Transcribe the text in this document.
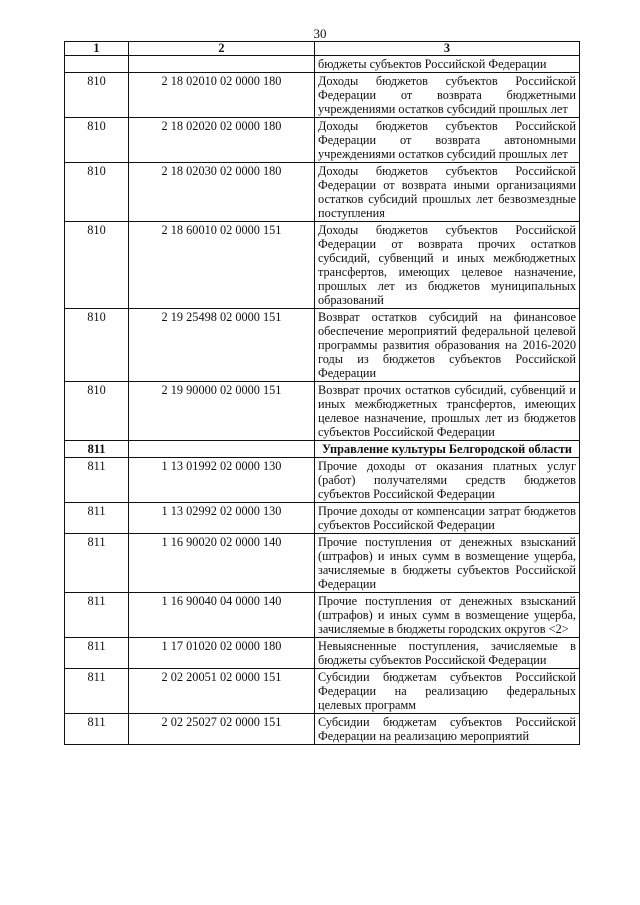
30
1	2	3
		бюджеты субъектов Российской Федерации
810	2 18 02010 02 0000 180	Доходы бюджетов субъектов Российской Федерации от возврата бюджетными учреждениями остатков субсидий прошлых лет
810	2 18 02020 02 0000 180	Доходы бюджетов субъектов Российской Федерации от возврата автономными учреждениями остатков субсидий прошлых лет
810	2 18 02030 02 0000 180	Доходы бюджетов субъектов Российской Федерации от возврата иными организациями остатков субсидий прошлых лет безвозмездные поступления
810	2 18 60010 02 0000 151	Доходы бюджетов субъектов Российской Федерации от возврата прочих остатков субсидий, субвенций и иных межбюджетных трансфертов, имеющих целевое назначение, прошлых лет из бюджетов муниципальных образований
810	2 19 25498 02 0000 151	Возврат остатков субсидий на финансовое обеспечение мероприятий федеральной целевой программы развития образования на 2016-2020 годы из бюджетов субъектов Российской Федерации
810	2 19 90000 02 0000 151	Возврат прочих остатков субсидий, субвенций и иных межбюджетных трансфертов, имеющих целевое назначение, прошлых лет из бюджетов субъектов Российской Федерации
811		Управление культуры Белгородской области
811	1 13 01992 02 0000 130	Прочие доходы от оказания платных услуг (работ) получателями средств бюджетов субъектов Российской Федерации
811	1 13 02992 02 0000 130	Прочие доходы от компенсации затрат бюджетов субъектов Российской Федерации
811	1 16 90020 02 0000 140	Прочие поступления от денежных взысканий (штрафов) и иных сумм в возмещение ущерба, зачисляемые в бюджеты субъектов Российской Федерации
811	1 16 90040 04 0000 140	Прочие поступления от денежных взысканий (штрафов) и иных сумм в возмещение ущерба, зачисляемые в бюджеты городских округов <2>
811	1 17 01020 02 0000 180	Невыясненные поступления, зачисляемые в бюджеты субъектов Российской Федерации
811	2 02 20051 02 0000 151	Субсидии бюджетам субъектов Российской Федерации на реализацию федеральных целевых программ
811	2 02 25027 02 0000 151	Субсидии бюджетам субъектов Российской Федерации на реализацию мероприятий
